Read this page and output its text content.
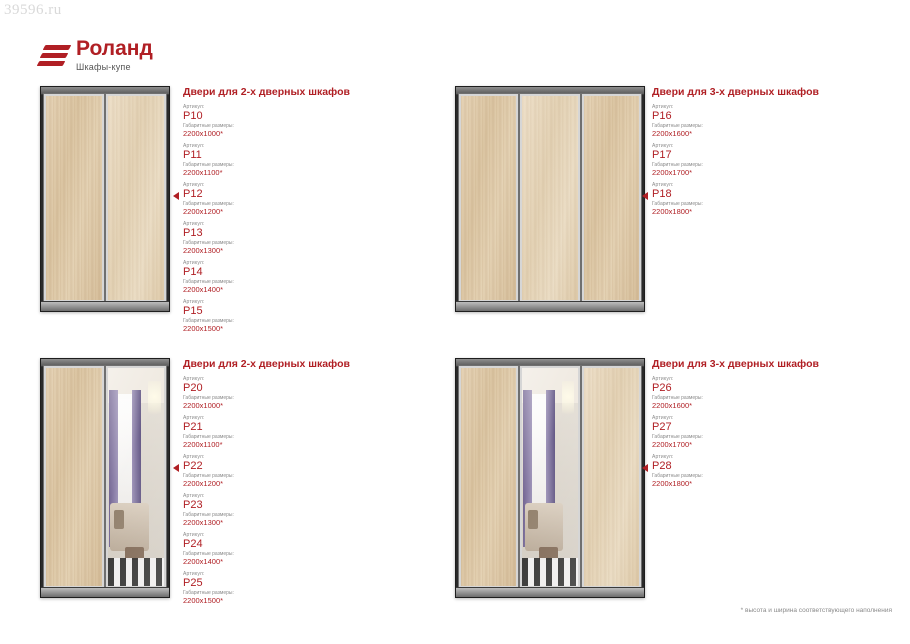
39596.ru
Роланд
Шкафы-купе
Двери для 2-х дверных шкафов
Артикул:
Р10
Габаритные размеры:
2200х1000*
Артикул:
Р11
Габаритные размеры:
2200х1100*
Артикул:
Р12
Габаритные размеры:
2200х1200*
Артикул:
Р13
Габаритные размеры:
2200х1300*
Артикул:
Р14
Габаритные размеры:
2200х1400*
Артикул:
Р15
Габаритные размеры:
2200х1500*
Двери для 3-х дверных шкафов
Артикул:
Р16
Габаритные размеры:
2200х1600*
Артикул:
Р17
Габаритные размеры:
2200х1700*
Артикул:
Р18
Габаритные размеры:
2200х1800*
Двери для 2-х дверных шкафов
Артикул:
Р20
Габаритные размеры:
2200х1000*
Артикул:
Р21
Габаритные размеры:
2200х1100*
Артикул:
Р22
Габаритные размеры:
2200х1200*
Артикул:
Р23
Габаритные размеры:
2200х1300*
Артикул:
Р24
Габаритные размеры:
2200х1400*
Артикул:
Р25
Габаритные размеры:
2200х1500*
Двери для 3-х дверных шкафов
Артикул:
Р26
Габаритные размеры:
2200х1600*
Артикул:
Р27
Габаритные размеры:
2200х1700*
Артикул:
Р28
Габаритные размеры:
2200х1800*
* высота и ширина соответствующего наполнения
